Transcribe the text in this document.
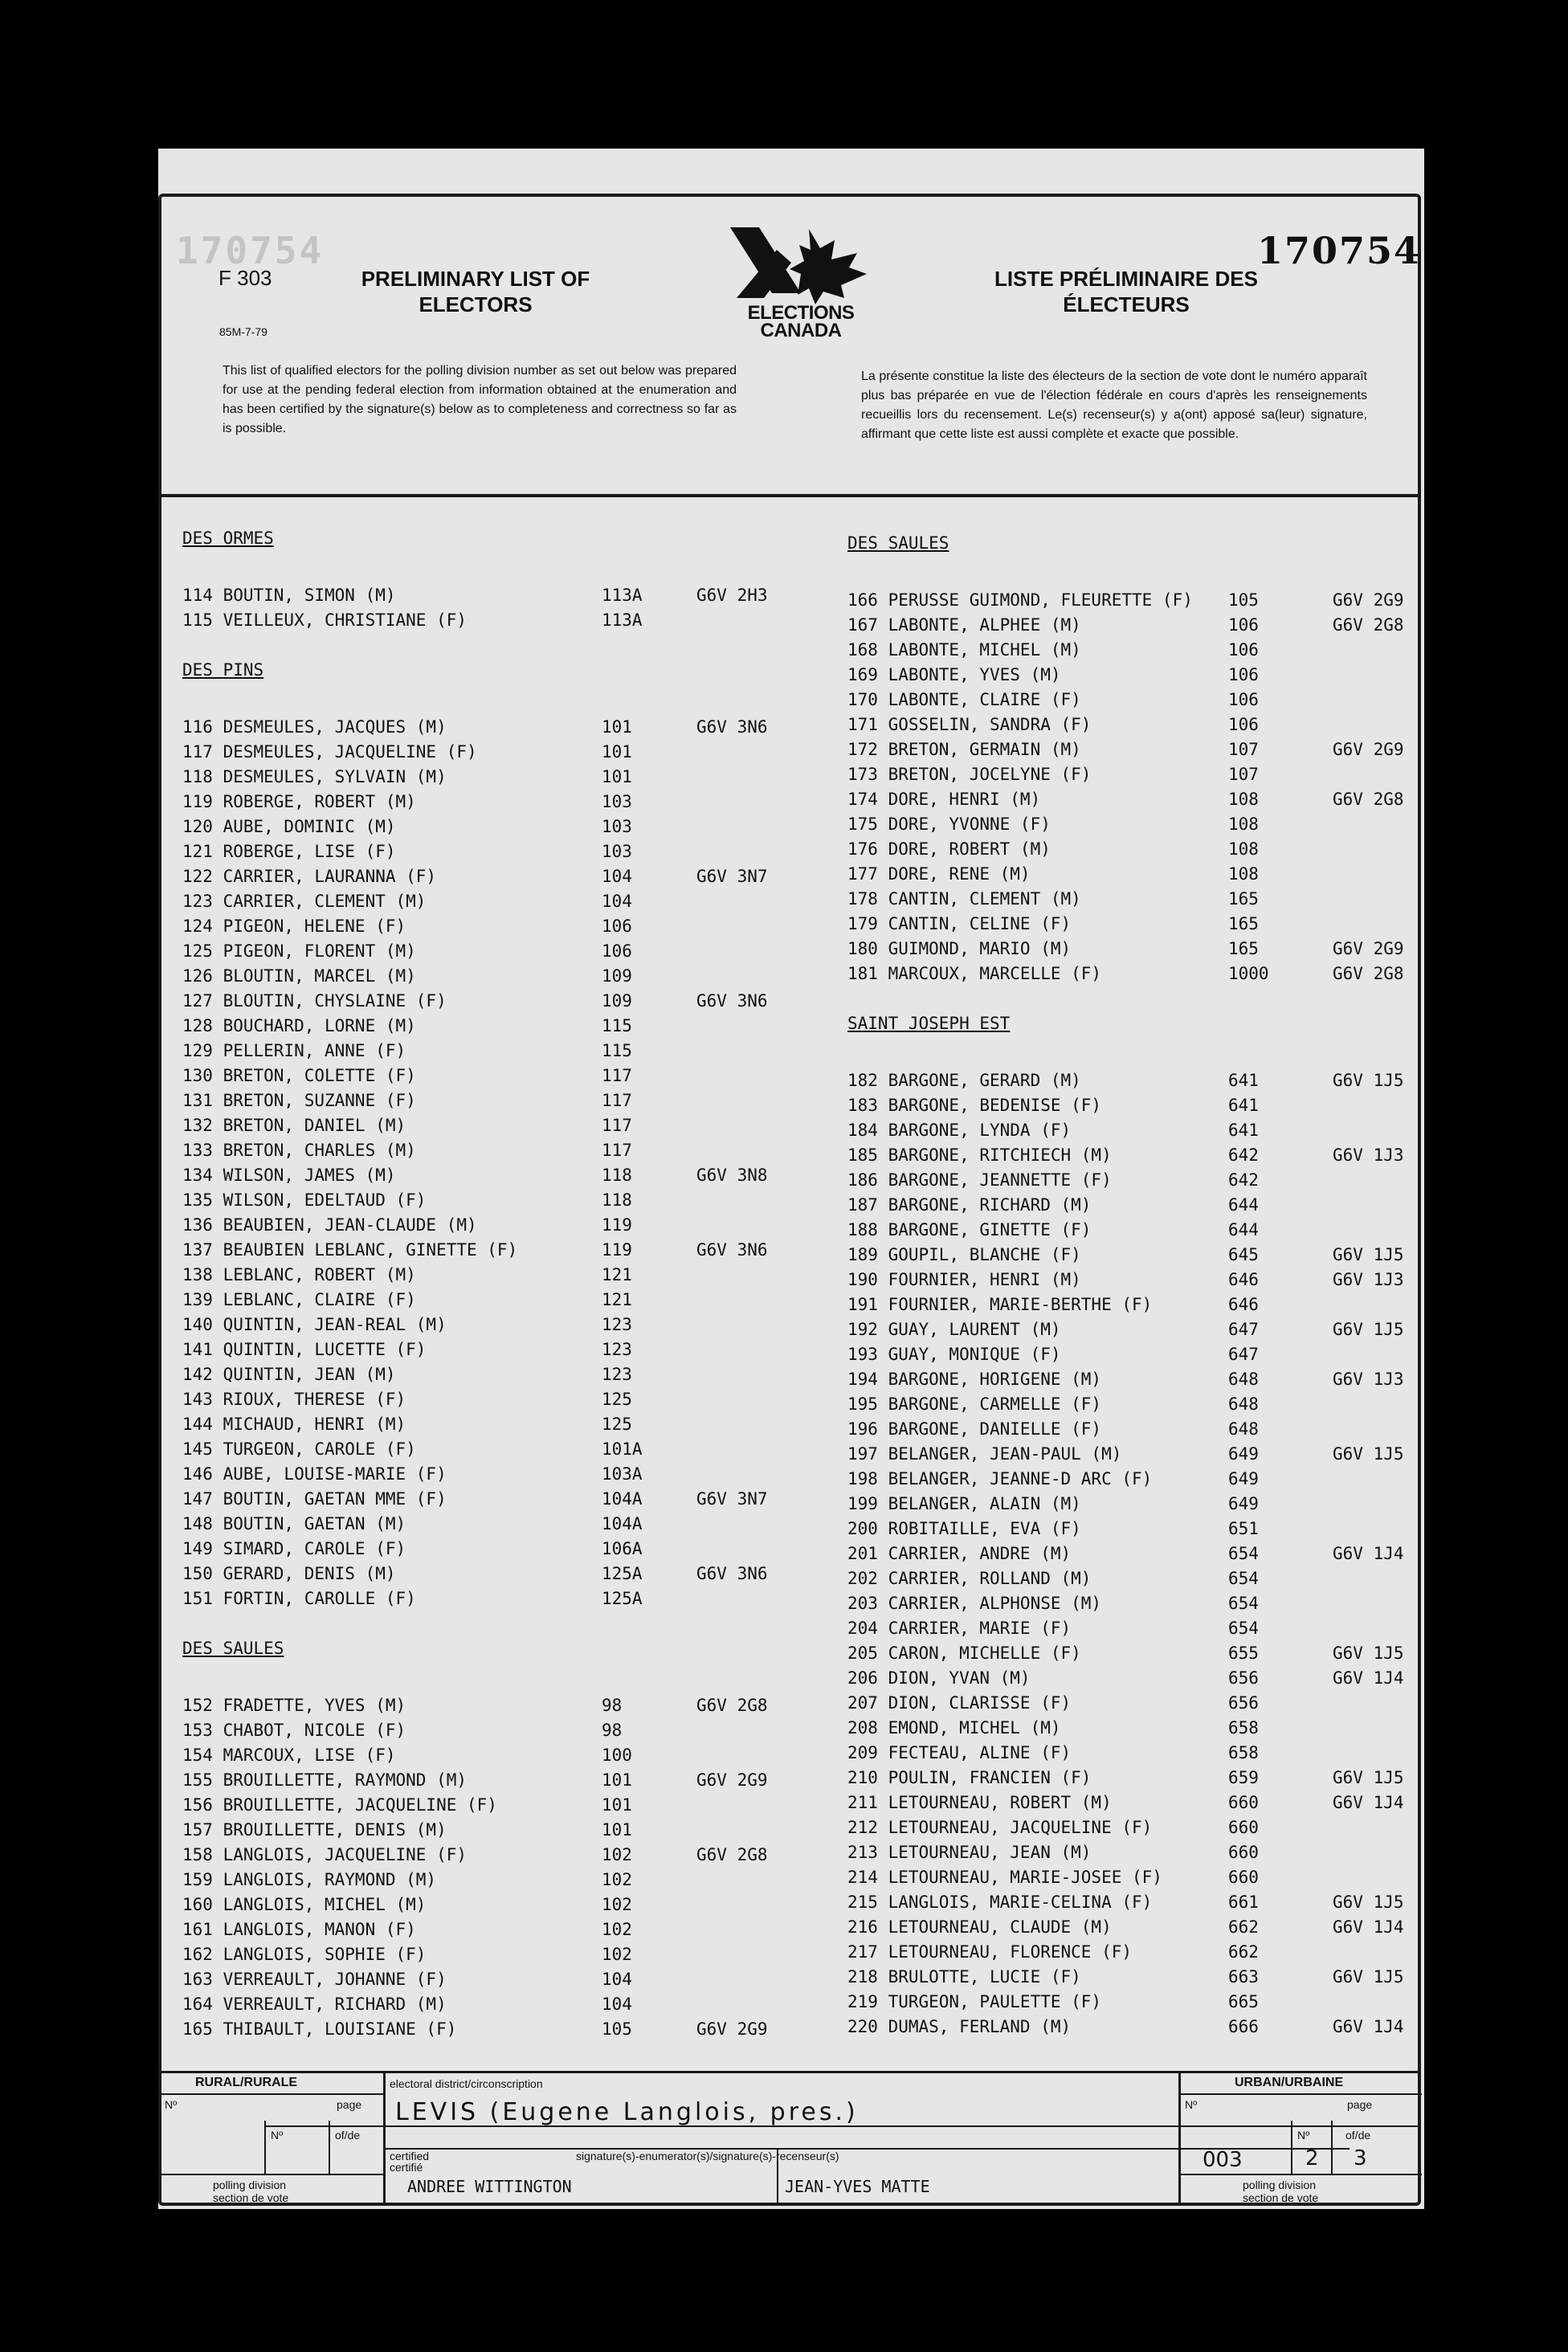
170754
F 303
85M-7-79
PRELIMINARY LIST OF ELECTORS	ELECTIONS
CANADA
LISTE PRÉLIMINAIRE DES ÉLECTEURS
170754
This list of qualified electors for the polling division number as set out below was prepared for use at the pending federal election from information obtained at the enumeration and has been certified by the signature(s) below as to completeness and correctness so far as is possible.
La présente constitue la liste des électeurs de la section de vote dont le numéro apparaît plus bas préparée en vue de l'élection fédérale en cours d'après les renseignements recueillis lors du recensement. Le(s) recenseur(s) y a(ont) apposé sa(leur) signature, affirmant que cette liste est aussi complète et exacte que possible.
DES ORMES
114 BOUTIN, SIMON (M)	113A	G6V 2H3
115 VEILLEUX, CHRISTIANE (F)	113A
DES PINS
116 DESMEULES, JACQUES (M)	101	G6V 3N6
117 DESMEULES, JACQUELINE (F)	101
118 DESMEULES, SYLVAIN (M)	101
119 ROBERGE, ROBERT (M)	103
120 AUBE, DOMINIC (M)	103
121 ROBERGE, LISE (F)	103
122 CARRIER, LAURANNA (F)	104	G6V 3N7
123 CARRIER, CLEMENT (M)	104
124 PIGEON, HELENE (F)	106
125 PIGEON, FLORENT (M)	106
126 BLOUTIN, MARCEL (M)	109
127 BLOUTIN, CHYSLAINE (F)	109	G6V 3N6
128 BOUCHARD, LORNE (M)	115
129 PELLERIN, ANNE (F)	115
130 BRETON, COLETTE (F)	117
131 BRETON, SUZANNE (F)	117
132 BRETON, DANIEL (M)	117
133 BRETON, CHARLES (M)	117
134 WILSON, JAMES (M)	118	G6V 3N8
135 WILSON, EDELTAUD (F)	118
136 BEAUBIEN, JEAN-CLAUDE (M)	119
137 BEAUBIEN LEBLANC, GINETTE (F)	119	G6V 3N6
138 LEBLANC, ROBERT (M)	121
139 LEBLANC, CLAIRE (F)	121
140 QUINTIN, JEAN-REAL (M)	123
141 QUINTIN, LUCETTE (F)	123
142 QUINTIN, JEAN (M)	123
143 RIOUX, THERESE (F)	125
144 MICHAUD, HENRI (M)	125
145 TURGEON, CAROLE (F)	101A
146 AUBE, LOUISE-MARIE (F)	103A
147 BOUTIN, GAETAN MME (F)	104A	G6V 3N7
148 BOUTIN, GAETAN (M)	104A
149 SIMARD, CAROLE (F)	106A
150 GERARD, DENIS (M)	125A	G6V 3N6
151 FORTIN, CAROLLE (F)	125A
DES SAULES
152 FRADETTE, YVES (M)	98	G6V 2G8
153 CHABOT, NICOLE (F)	98
154 MARCOUX, LISE (F)	100
155 BROUILLETTE, RAYMOND (M)	101	G6V 2G9
156 BROUILLETTE, JACQUELINE (F)	101
157 BROUILLETTE, DENIS (M)	101
158 LANGLOIS, JACQUELINE (F)	102	G6V 2G8
159 LANGLOIS, RAYMOND (M)	102
160 LANGLOIS, MICHEL (M)	102
161 LANGLOIS, MANON (F)	102
162 LANGLOIS, SOPHIE (F)	102
163 VERREAULT, JOHANNE (F)	104
164 VERREAULT, RICHARD (M)	104
165 THIBAULT, LOUISIANE (F)	105	G6V 2G9
DES SAULES
166 PERUSSE GUIMOND, FLEURETTE (F) 105	G6V 2G9
167 LABONTE, ALPHEE (M)	106	G6V 2G8
168 LABONTE, MICHEL (M)	106
169 LABONTE, YVES (M)	106
170 LABONTE, CLAIRE (F)	106
171 GOSSELIN, SANDRA (F)	106
172 BRETON, GERMAIN (M)	107	G6V 2G9
173 BRETON, JOCELYNE (F)	107
174 DORE, HENRI (M)	108	G6V 2G8
175 DORE, YVONNE (F)	108
176 DORE, ROBERT (M)	108
177 DORE, RENE (M)	108
178 CANTIN, CLEMENT (M)	165
179 CANTIN, CELINE (F)	165
180 GUIMOND, MARIO (M)	165	G6V 2G9
181 MARCOUX, MARCELLE (F)	1000	G6V 2G8
SAINT JOSEPH EST
182 BARGONE, GERARD (M)	641	G6V 1J5
183 BARGONE, BEDENISE (F)	641
184 BARGONE, LYNDA (F)	641
185 BARGONE, RITCHIECH (M)	642	G6V 1J3
186 BARGONE, JEANNETTE (F)	642
187 BARGONE, RICHARD (M)	644
188 BARGONE, GINETTE (F)	644
189 GOUPIL, BLANCHE (F)	645	G6V 1J5
190 FOURNIER, HENRI (M)	646	G6V 1J3
191 FOURNIER, MARIE-BERTHE (F)	646
192 GUAY, LAURENT (M)	647	G6V 1J5
193 GUAY, MONIQUE (F)	647
194 BARGONE, HORIGENE (M)	648	G6V 1J3
195 BARGONE, CARMELLE (F)	648
196 BARGONE, DANIELLE (F)	648
197 BELANGER, JEAN-PAUL (M)	649	G6V 1J5
198 BELANGER, JEANNE-D ARC (F)	649
199 BELANGER, ALAIN (M)	649
200 ROBITAILLE, EVA (F)	651
201 CARRIER, ANDRE (M)	654	G6V 1J4
202 CARRIER, ROLLAND (M)	654
203 CARRIER, ALPHONSE (M)	654
204 CARRIER, MARIE (F)	654
205 CARON, MICHELLE (F)	655	G6V 1J5
206 DION, YVAN (M)	656	G6V 1J4
207 DION, CLARISSE (F)	656
208 EMOND, MICHEL (M)	658
209 FECTEAU, ALINE (F)	658
210 POULIN, FRANCIEN (F)	659	G6V 1J5
211 LETOURNEAU, ROBERT (M)	660	G6V 1J4
212 LETOURNEAU, JACQUELINE (F)	660
213 LETOURNEAU, JEAN (M)	660
214 LETOURNEAU, MARIE-JOSEE (F)	660
215 LANGLOIS, MARIE-CELINA (F)	661	G6V 1J5
216 LETOURNEAU, CLAUDE (M)	662	G6V 1J4
217 LETOURNEAU, FLORENCE (F)	662
218 BRULOTTE, LUCIE (F)	663	G6V 1J5
219 TURGEON, PAULETTE (F)	665
220 DUMAS, FERLAND (M)	666	G6V 1J4
RURAL/RURALE
Nº	page
Nº	of/de
polling division
section de vote
electoral district/circonscription
LEVIS (Eugene Langlois, pres.)
certified
certifié
signature(s)-enumerator(s)/signature(s)-recenseur(s)
ANDREE WITTINGTON	JEAN-YVES MATTE
URBAN/URBAINE
Nº	page
Nº	of/de
003	2 3
polling division
section de vote
